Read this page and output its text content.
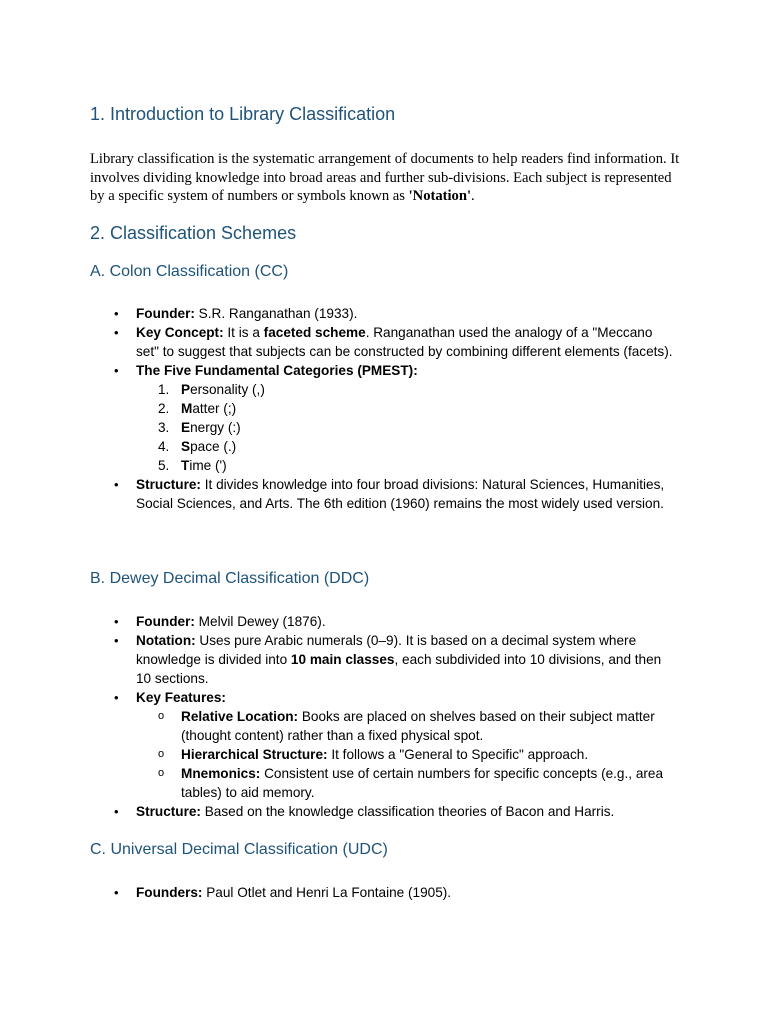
1. Introduction to Library Classification

Library classification is the systematic arrangement of documents to help readers find information. It involves dividing knowledge into broad areas and further sub-divisions. Each subject is represented by a specific system of numbers or symbols known as 'Notation'.

2. Classification Schemes
A. Colon Classification (CC)
• Founder: S.R. Ranganathan (1933).
• Key Concept: It is a faceted scheme. Ranganathan used the analogy of a "Meccano set" to suggest that subjects can be constructed by combining different elements (facets).
• The Five Fundamental Categories (PMEST):
1. Personality (,)
2. Matter (;)
3. Energy (:)
4. Space (.)
5. Time (')
• Structure: It divides knowledge into four broad divisions: Natural Sciences, Humanities, Social Sciences, and Arts. The 6th edition (1960) remains the most widely used version.
B. Dewey Decimal Classification (DDC)
• Founder: Melvil Dewey (1876).
• Notation: Uses pure Arabic numerals (0–9). It is based on a decimal system where knowledge is divided into 10 main classes, each subdivided into 10 divisions, and then 10 sections.
• Key Features:
o Relative Location: Books are placed on shelves based on their subject matter (thought content) rather than a fixed physical spot.
o Hierarchical Structure: It follows a "General to Specific" approach.
o Mnemonics: Consistent use of certain numbers for specific concepts (e.g., area tables) to aid memory.
• Structure: Based on the knowledge classification theories of Bacon and Harris.
C. Universal Decimal Classification (UDC)
• Founders: Paul Otlet and Henri La Fontaine (1905).
